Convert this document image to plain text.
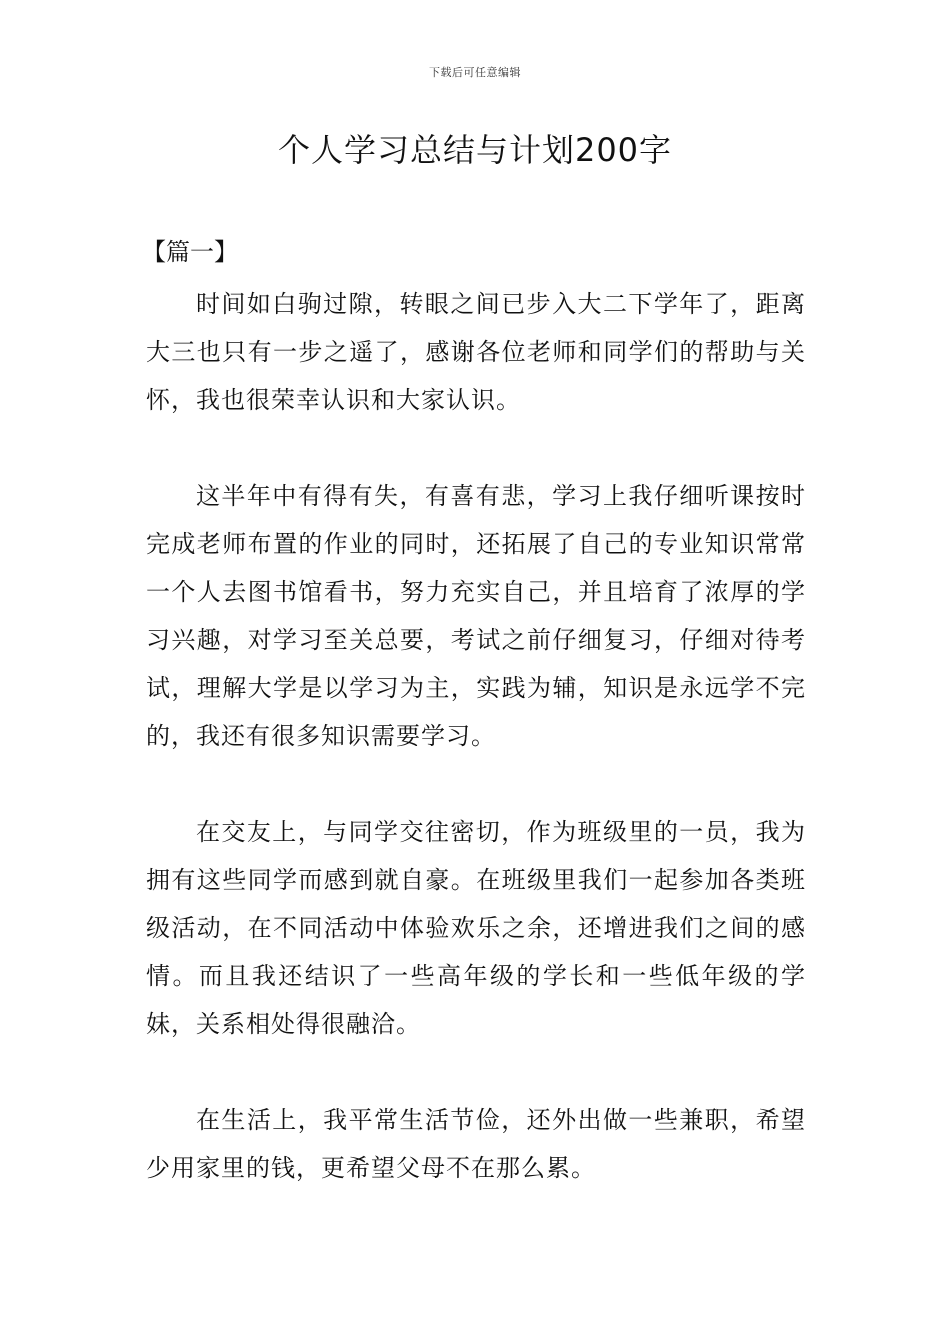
下载后可任意编辑
个人学习总结与计划200字
【篇一】

时间如白驹过隙，转眼之间已步入大二下学年了，距离大三也只有一步之遥了，感谢各位老师和同学们的帮助与关怀，我也很荣幸认识和大家认识。

这半年中有得有失，有喜有悲，学习上我仔细听课按时完成老师布置的作业的同时，还拓展了自己的专业知识常常一个人去图书馆看书，努力充实自己，并且培育了浓厚的学习兴趣，对学习至关总要，考试之前仔细复习，仔细对待考试，理解大学是以学习为主，实践为辅，知识是永远学不完的，我还有很多知识需要学习。

在交友上，与同学交往密切，作为班级里的一员，我为拥有这些同学而感到就自豪。在班级里我们一起参加各类班级活动，在不同活动中体验欢乐之余，还增进我们之间的感情。而且我还结识了一些高年级的学长和一些低年级的学妹，关系相处得很融洽。

在生活上，我平常生活节俭，还外出做一些兼职，希望少用家里的钱，更希望父母不在那么累。
